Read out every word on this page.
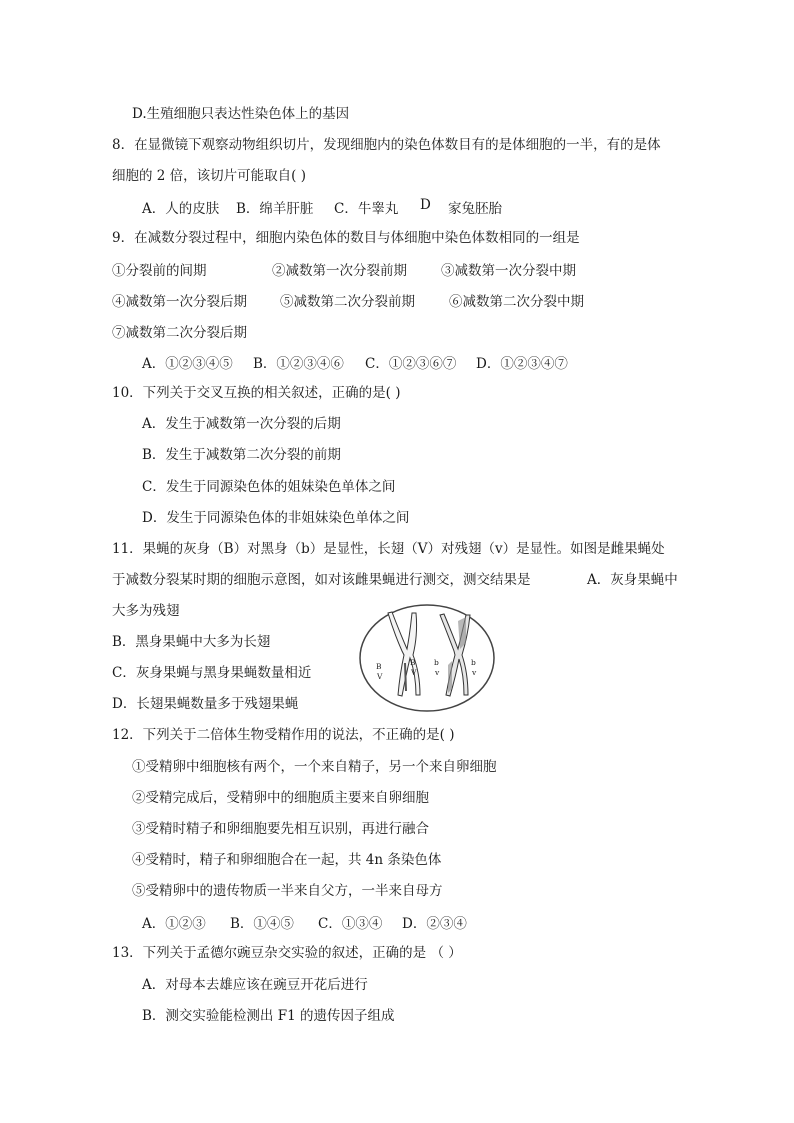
D.生殖细胞只表达性染色体上的基因
8．在显微镜下观察动物组织切片，发现细胞内的染色体数目有的是体细胞的一半，有的是体
细胞的 2 倍，该切片可能取自( )
A．人的皮肤 B．绵羊肝脏 C．牛睾丸 D 家兔胚胎
9．在减数分裂过程中，细胞内染色体的数目与体细胞中染色体数相同的一组是
①分裂前的间期	②减数第一次分裂前期	③减数第一次分裂中期
④减数第一次分裂后期 ⑤减数第二次分裂前期	⑥减数第二次分裂中期
⑦减数第二次分裂后期
A．①②③④⑤ B．①②③④⑥ C．①②③⑥⑦ D．①②③④⑦
10．下列关于交叉互换的相关叙述，正确的是( )
A．发生于减数第一次分裂的后期
B．发生于减数第二次分裂的前期
C．发生于同源染色体的姐妹染色单体之间
D．发生于同源染色体的非姐妹染色单体之间
11．果蝇的灰身（B）对黑身（b）是显性，长翅（V）对残翅（v）是显性。如图是雌果蝇处
于减数分裂某时期的细胞示意图，如对该雌果蝇进行测交，测交结果是	A．灰身果蝇中
大多为残翅
B．黑身果蝇中大多为长翅
C．灰身果蝇与黑身果蝇数量相近
D．长翅果蝇数量多于残翅果蝇
B
V
B
V
b
v
b
v
12．下列关于二倍体生物受精作用的说法，不正确的是( )
①受精卵中细胞核有两个，一个来自精子，另一个来自卵细胞
②受精完成后，受精卵中的细胞质主要来自卵细胞
③受精时精子和卵细胞要先相互识别，再进行融合
④受精时，精子和卵细胞合在一起，共 4n 条染色体
⑤受精卵中的遗传物质一半来自父方，一半来自母方
A．①②③ B．①④⑤ C．①③④ D．②③④
13．下列关于孟德尔豌豆杂交实验的叙述，正确的是 （ ）
A．对母本去雄应该在豌豆开花后进行
B．测交实验能检测出 F1 的遗传因子组成
